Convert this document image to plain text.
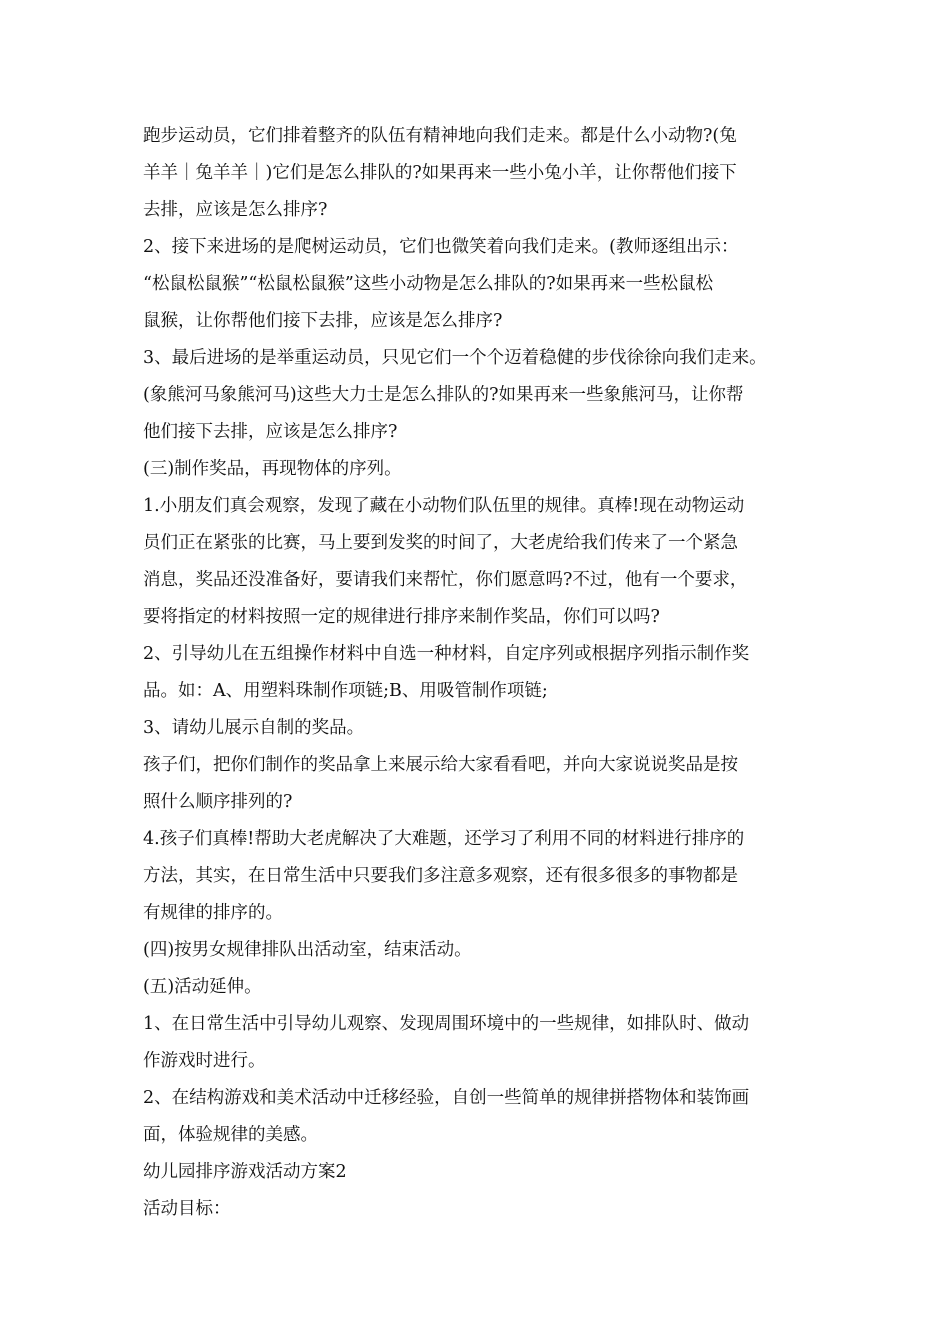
跑步运动员，它们排着整齐的队伍有精神地向我们走来。都是什么小动物?(兔

羊羊｜兔羊羊｜)它们是怎么排队的?如果再来一些小兔小羊，让你帮他们接下

去排，应该是怎么排序?

2、接下来进场的是爬树运动员，它们也微笑着向我们走来。(教师逐组出示：

“松鼠松鼠猴”“松鼠松鼠猴”这些小动物是怎么排队的?如果再来一些松鼠松

鼠猴，让你帮他们接下去排，应该是怎么排序?

3、最后进场的是举重运动员，只见它们一个个迈着稳健的步伐徐徐向我们走来。

(象熊河马象熊河马)这些大力士是怎么排队的?如果再来一些象熊河马，让你帮

他们接下去排，应该是怎么排序?

(三)制作奖品，再现物体的序列。

1.小朋友们真会观察，发现了藏在小动物们队伍里的规律。真棒!现在动物运动

员们正在紧张的比赛，马上要到发奖的时间了，大老虎给我们传来了一个紧急

消息，奖品还没准备好，要请我们来帮忙，你们愿意吗?不过，他有一个要求，

要将指定的材料按照一定的规律进行排序来制作奖品，你们可以吗?

2、引导幼儿在五组操作材料中自选一种材料，自定序列或根据序列指示制作奖

品。如：A、用塑料珠制作项链;B、用吸管制作项链;

3、请幼儿展示自制的奖品。

孩子们，把你们制作的奖品拿上来展示给大家看看吧，并向大家说说奖品是按

照什么顺序排列的?

4.孩子们真棒!帮助大老虎解决了大难题，还学习了利用不同的材料进行排序的

方法，其实，在日常生活中只要我们多注意多观察，还有很多很多的事物都是

有规律的排序的。

(四)按男女规律排队出活动室，结束活动。

(五)活动延伸。

1、在日常生活中引导幼儿观察、发现周围环境中的一些规律，如排队时、做动

作游戏时进行。

2、在结构游戏和美术活动中迁移经验，自创一些简单的规律拼搭物体和装饰画

面，体验规律的美感。

幼儿园排序游戏活动方案2

活动目标：
